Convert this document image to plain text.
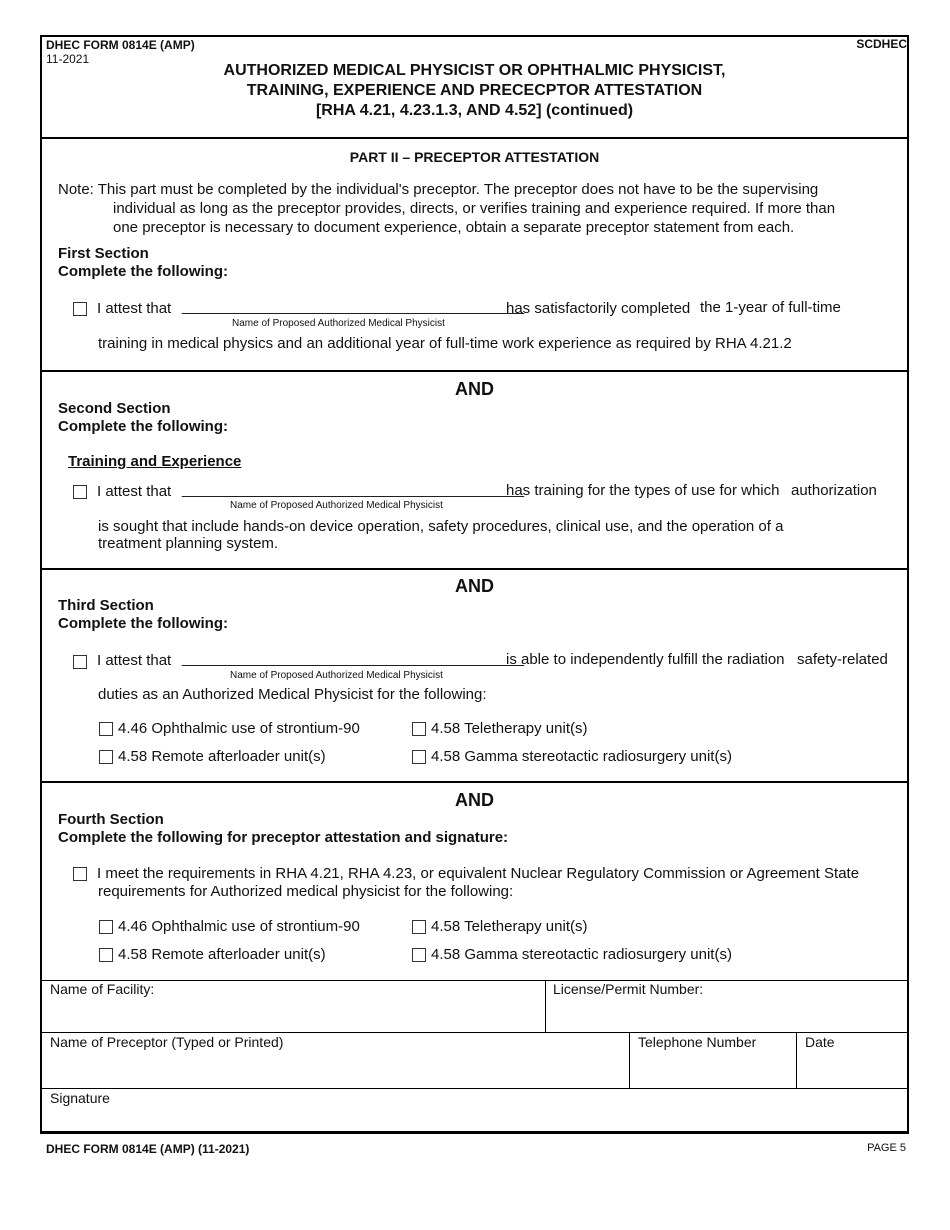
DHEC FORM 0814E (AMP)
11-2021
SCDHEC
AUTHORIZED MEDICAL PHYSICIST OR OPHTHALMIC PHYSICIST,
TRAINING, EXPERIENCE AND PRECECPTOR ATTESTATION
[RHA 4.21, 4.23.1.3, AND 4.52] (continued)
PART II – PRECEPTOR ATTESTATION
Note: This part must be completed by the individual's preceptor. The preceptor does not have to be the supervising
individual as long as the preceptor provides, directs, or verifies training and experience required. If more than
one preceptor is necessary to document experience, obtain a separate preceptor statement from each.
First Section
Complete the following:
I attest that _________________________________________
Name of Proposed Authorized Medical Physicist
has satisfactorily completed the 1-year of full-time
training in medical physics and an additional year of full-time work experience as required by RHA 4.21.2
AND
Second Section
Complete the following:
Training and Experience
I attest that _________________________________________
Name of Proposed Authorized Medical Physicist
has training for the types of use for which authorization
is sought that include hands-on device operation, safety procedures, clinical use, and the operation of a
treatment planning system.
AND
Third Section
Complete the following:
I attest that _________________________________________
Name of Proposed Authorized Medical Physicist
is able to independently fulfill the radiation safety-related
duties as an Authorized Medical Physicist for the following:
4.46 Ophthalmic use of strontium-90	4.58 Teletherapy unit(s)
4.58 Remote afterloader unit(s)	4.58 Gamma stereotactic radiosurgery unit(s)
AND
Fourth Section
Complete the following for preceptor attestation and signature:
I meet the requirements in RHA 4.21, RHA 4.23, or equivalent Nuclear Regulatory Commission or Agreement State
requirements for Authorized medical physicist for the following:
4.46 Ophthalmic use of strontium-90	4.58 Teletherapy unit(s)
4.58 Remote afterloader unit(s)	4.58 Gamma stereotactic radiosurgery unit(s)
Name of Facility:	License/Permit Number:
Name of Preceptor (Typed or Printed)	Telephone Number	Date
Signature
DHEC FORM 0814E (AMP) (11-2021)	PAGE 5
